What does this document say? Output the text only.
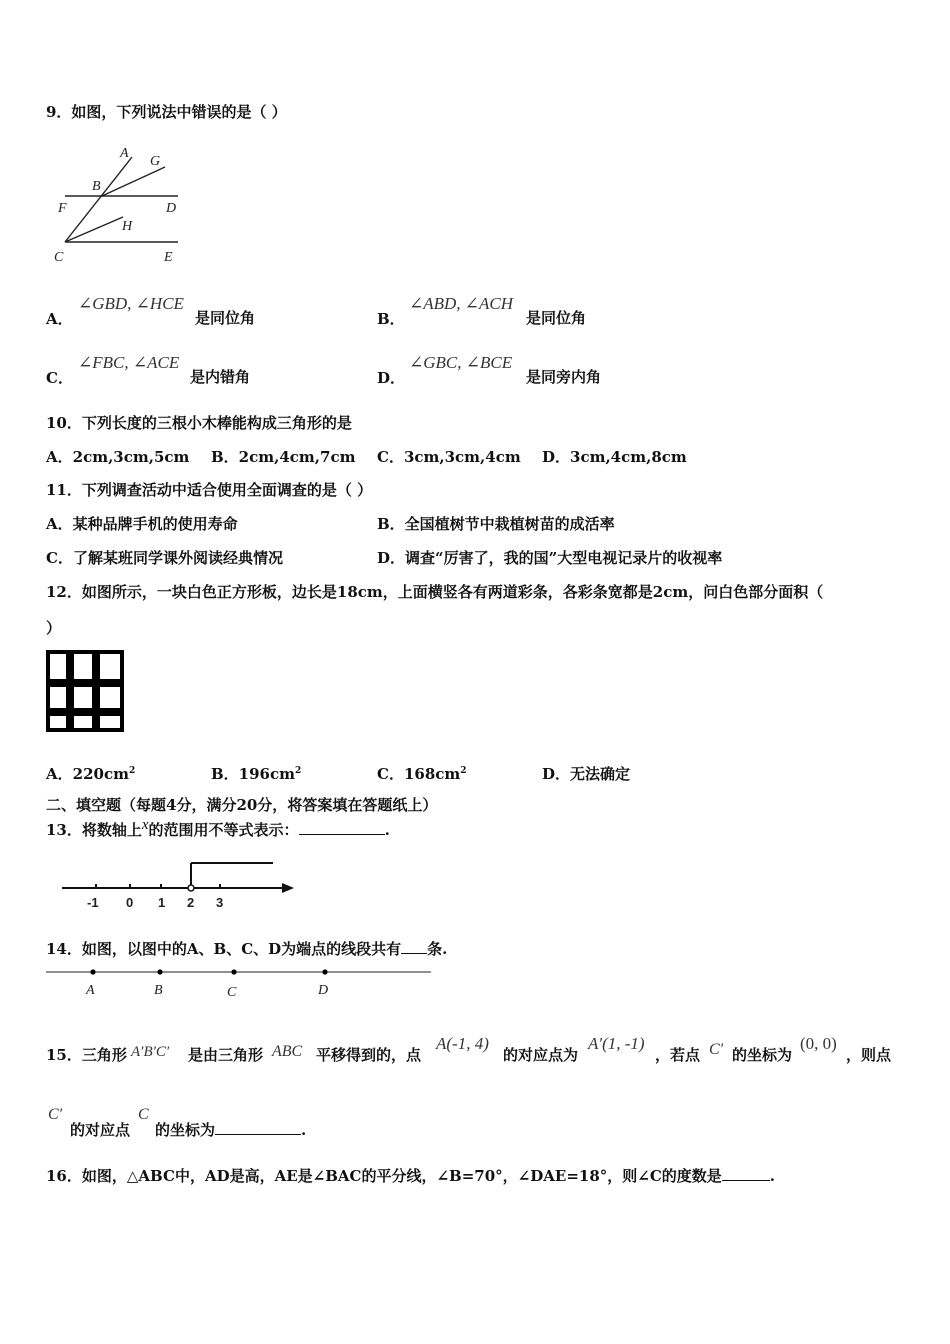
9．如图，下列说法中错误的是（ ）
A
G
B
F	D
H
C	E
A．
∠GBD, ∠HCE
是同位角	B．
∠ABD, ∠ACH
是同位角
C．
∠FBC, ∠ACE
是内错角	D．
∠GBC, ∠BCE
是同旁内角
10．下列长度的三根小木棒能构成三角形的是
A．2cm,3cm,5cm B．2cm,4cm,7cm C．3cm,3cm,4cm D．3cm,4cm,8cm
11．下列调查活动中适合使用全面调查的是（ ）
A．某种品牌手机的使用寿命	B．全国植树节中栽植树苗的成活率
C．了解某班同学课外阅读经典情况	D．调查“厉害了，我的国”大型电视记录片的收视率
12．如图所示，一块白色正方形板，边长是18cm，上面横竖各有两道彩条，各彩条宽都是2cm，问白色部分面积（
）
A．$220cm^2$	B．$196cm^2$	C．$168cm^2$	D．无法确定
二、填空题（每题4分，满分20分，将答案填在答题纸上）
13．将数轴上x的范围用不等式表示：	.
-1 0 1 2 3
14．如图，以图中的A、B、C、D为端点的线段共有 条.
A	B	C	D
15．三角形 A′B′C′ 是由三角形 ABC 平移得到的，点
A(-1, 4)
的对应点为
A′(1, -1)
，若点 C′ 的坐标为
(0, 0)
，则点
C′
的对应点
C
的坐标为	.
16．如图，△ABC中，AD是高，AE是∠BAC的平分线，∠B=70°，∠DAE=18°，则∠C的度数是	.
